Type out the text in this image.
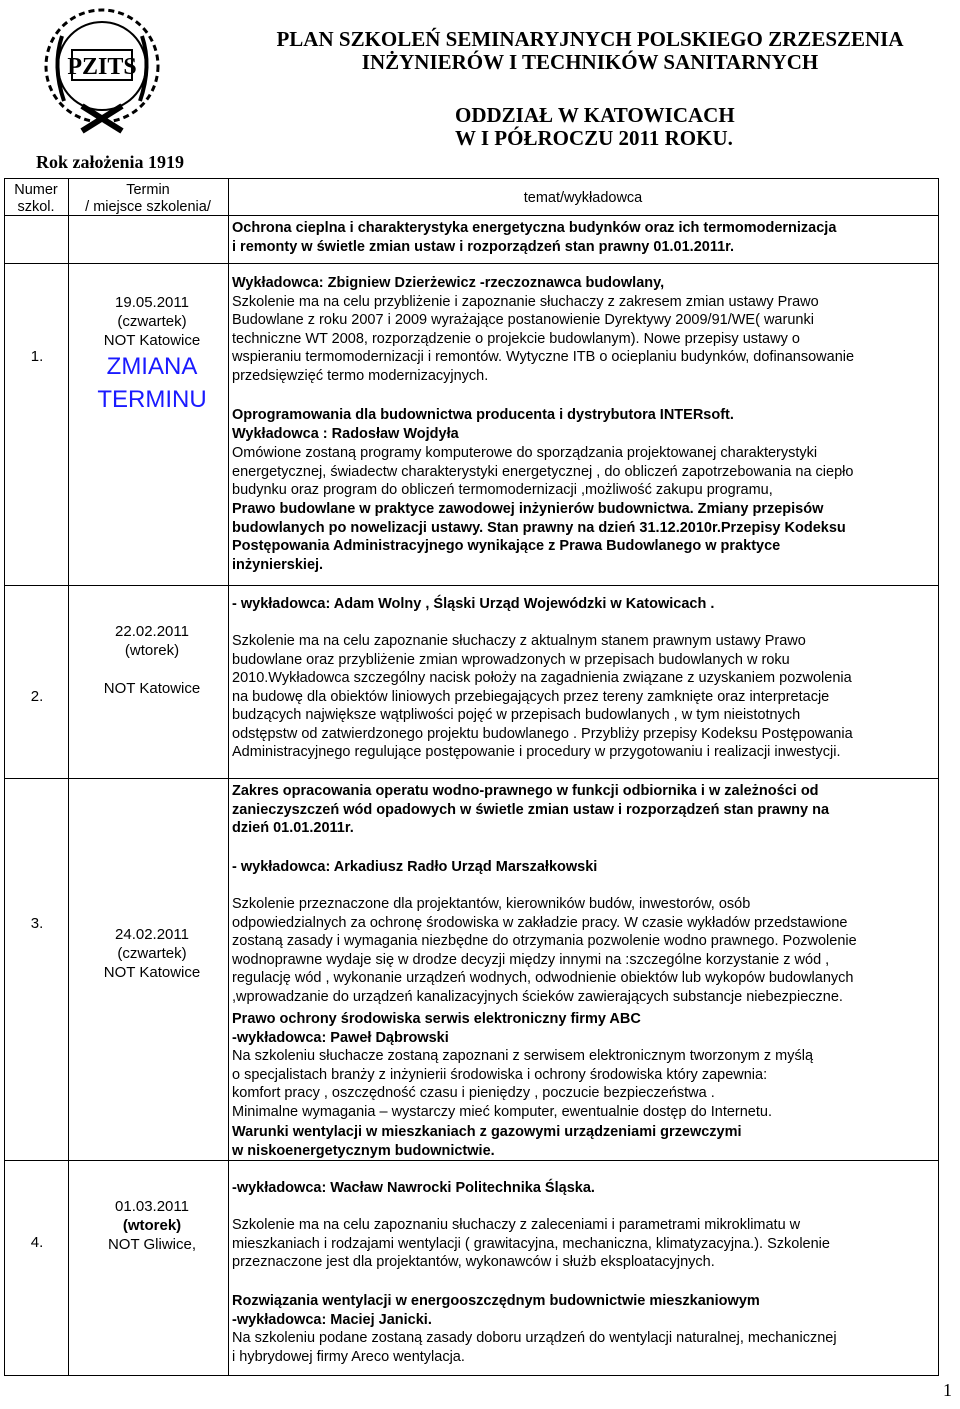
PZITS
Rok założenia 1919
PLAN SZKOLEŃ SEMINARYJNYCH POLSKIEGO ZRZESZENIA
INŻYNIERÓW I TECHNIKÓW SANITARNYCH
ODDZIAŁ W KATOWICACH
W I PÓŁROCZU 2011 ROKU.
Numer
szkol.
Termin
/ miejsce szkolenia/
temat/wykładowca
Ochrona cieplna i charakterystyka energetyczna budynków oraz ich termomodernizacja
i remonty w świetle zmian ustaw i rozporządzeń stan prawny 01.01.2011r.
1.
19.05.2011
(czwartek)
NOT Katowice
ZMIANA
TERMINU
Wykładowca: Zbigniew Dzierżewicz -rzeczoznawca budowlany,
Szkolenie ma na celu przybliżenie i zapoznanie słuchaczy z zakresem zmian ustawy Prawo
Budowlane z roku 2007 i 2009 wyrażające postanowienie Dyrektywy 2009/91/WE( warunki
techniczne WT 2008, rozporządzenie o projekcie budowlanym). Nowe przepisy ustawy o
wspieraniu termomodernizacji i remontów. Wytyczne ITB o ocieplaniu budynków, dofinansowanie
przedsięwzięć termo modernizacyjnych.
Oprogramowania dla budownictwa producenta i dystrybutora INTERsoft.
Wykładowca : Radosław Wojdyła
Omówione zostaną programy komputerowe do sporządzania projektowanej charakterystyki
energetycznej, świadectw charakterystyki energetycznej , do obliczeń zapotrzebowania na ciepło
budynku oraz program do obliczeń termomodernizacji ,możliwość zakupu programu,
Prawo budowlane w praktyce zawodowej inżynierów budownictwa. Zmiany przepisów
budowlanych po nowelizacji ustawy. Stan prawny na dzień 31.12.2010r.Przepisy Kodeksu
Postępowania Administracyjnego wynikające z Prawa Budowlanego w praktyce
inżynierskiej.
- wykładowca: Adam Wolny , Śląski Urząd Wojewódzki w Katowicach .
2.
22.02.2011
(wtorek)
NOT Katowice
Szkolenie ma na celu zapoznanie słuchaczy z aktualnym stanem prawnym ustawy Prawo
budowlane oraz przybliżenie zmian wprowadzonych w przepisach budowlanych w roku
2010.Wykładowca szczególny nacisk położy na zagadnienia związane z uzyskaniem pozwolenia
na budowę dla obiektów liniowych przebiegających przez tereny zamknięte oraz interpretacje
budzących największe wątpliwości pojęć w przepisach budowlanych , w tym nieistotnych
odstępstw od zatwierdzonego projektu budowlanego . Przybliży przepisy Kodeksu Postępowania
Administracyjnego regulujące postępowanie i procedury w przygotowaniu i realizacji inwestycji.
Zakres opracowania operatu wodno-prawnego w funkcji odbiornika i w zależności od
zanieczyszczeń wód opadowych w świetle zmian ustaw i rozporządzeń stan prawny na
dzień 01.01.2011r.
- wykładowca: Arkadiusz Radło Urząd Marszałkowski
3.
24.02.2011
(czwartek)
NOT Katowice
Szkolenie przeznaczone dla projektantów, kierowników budów, inwestorów, osób
odpowiedzialnych za ochronę środowiska w zakładzie pracy. W czasie wykładów przedstawione
zostaną zasady i wymagania niezbędne do otrzymania pozwolenie wodno prawnego. Pozwolenie
wodnoprawne wydaje się w drodze decyzji między innymi na :szczególne korzystanie z wód ,
regulację wód , wykonanie urządzeń wodnych, odwodnienie obiektów lub wykopów budowlanych
,wprowadzanie do urządzeń kanalizacyjnych ścieków zawierających substancje niebezpieczne.
Prawo ochrony środowiska serwis elektroniczny firmy ABC
-wykładowca: Paweł Dąbrowski
Na szkoleniu słuchacze zostaną zapoznani z serwisem elektronicznym tworzonym z myślą
o specjalistach branży z inżynierii środowiska i ochrony środowiska który zapewnia:
komfort pracy , oszczędność czasu i pieniędzy , poczucie bezpieczeństwa .
Minimalne wymagania – wystarczy mieć komputer, ewentualnie dostęp do Internetu.
Warunki wentylacji w mieszkaniach z gazowymi urządzeniami grzewczymi
w niskoenergetycznym budownictwie.
-wykładowca: Wacław Nawrocki Politechnika Śląska.
4.
01.03.2011
(wtorek)
NOT Gliwice,
Szkolenie ma na celu zapoznaniu słuchaczy z zaleceniami i parametrami mikroklimatu w
mieszkaniach i rodzajami wentylacji ( grawitacyjna, mechaniczna, klimatyzacyjna.). Szkolenie
przeznaczone jest dla projektantów, wykonawców i służb eksploatacyjnych.
Rozwiązania wentylacji w energooszczędnym budownictwie mieszkaniowym
-wykładowca: Maciej Janicki.
Na szkoleniu podane zostaną zasady doboru urządzeń do wentylacji naturalnej, mechanicznej
i hybrydowej firmy Areco wentylacja.
1
